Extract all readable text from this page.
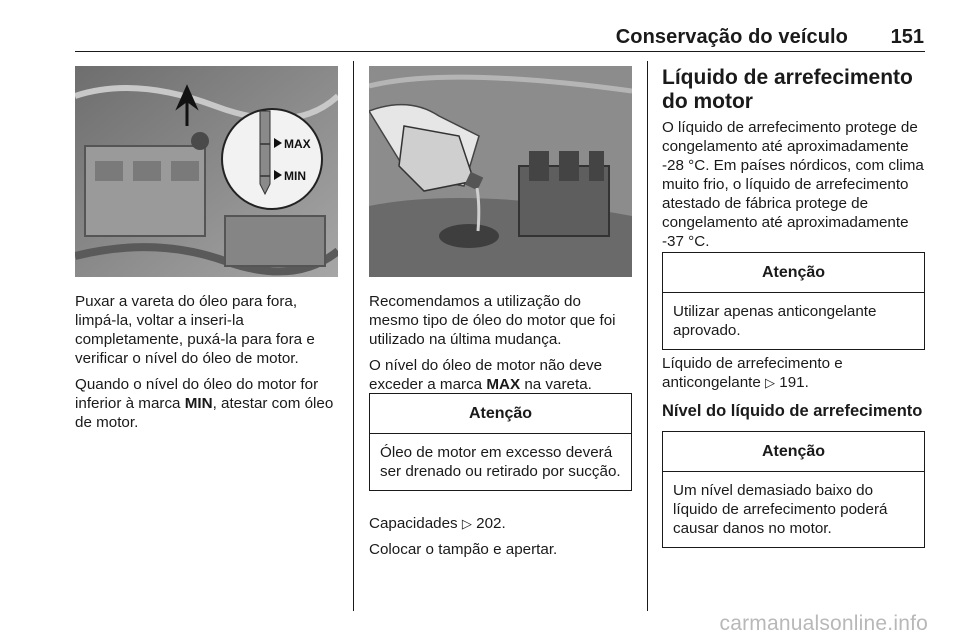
Conservação do veículo 151
MAX
MIN

Puxar a vareta do óleo para fora, limpá-la, voltar a inseri-la completamente, puxá-la para fora e verificar o nível do óleo de motor.

Quando o nível do óleo do motor for inferior à marca MIN, atestar com óleo de motor.

Recomendamos a utilização do mesmo tipo de óleo do motor que foi utilizado na última mudança.

O nível do óleo de motor não deve exceder a marca MAX na vareta.

Atenção
Óleo de motor em excesso deverá ser drenado ou retirado por sucção.

Capacidades ▷ 202.

Colocar o tampão e apertar.

Líquido de arrefecimento do motor
O líquido de arrefecimento protege de congelamento até aproximadamente -28 °C. Em países nórdicos, com clima muito frio, o líquido de arrefecimento atestado de fábrica protege de congelamento até aproximadamente -37 °C.
Atenção
Utilizar apenas anticongelante aprovado.
Líquido de arrefecimento e anticongelante ▷ 191.
Nível do líquido de arrefecimento
Atenção
Um nível demasiado baixo do líquido de arrefecimento poderá causar danos no motor.
carmanualsonline.info
